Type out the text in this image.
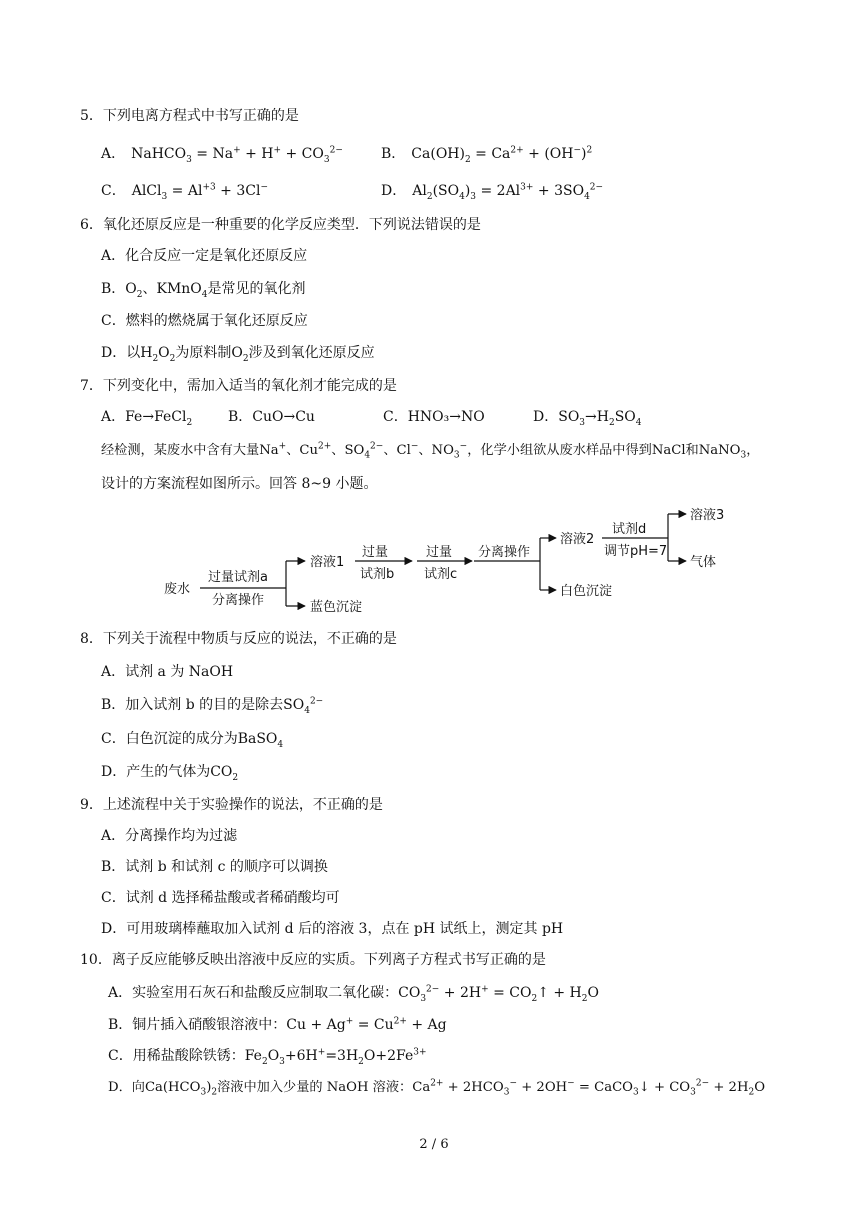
5．下列电离方程式中书写正确的是
A． NaHCO$_3$ = $Na^+ + H^+ + CO_3^{2-}$	B． $Ca(OH)_2 = Ca^{2+} + (OH^-)^2$
C． AlCl$_3$ = $Al^{+3} + 3Cl^-$	D． $Al_2(SO_4)_3 = 2Al^{3+} + 3SO_4^{2-}$
6．氧化还原反应是一种重要的化学反应类型．下列说法错误的是
A．化合反应一定是氧化还原反应
B．$O_2$、KMnO$_4$是常见的氧化剂
C．燃料的燃烧属于氧化还原反应
D．以$H_2O_2$为原料制$O_2$涉及到氧化还原反应
7．下列变化中，需加入适当的氧化剂才能完成的是
A．Fe→FeCl$_2$	B．CuO→Cu	C．HNO₃→NO	D．$SO_3\to H_2SO_4$
经检测，某废水中含有大量Na+、$Cu^{2+}$、$SO_4^{2-}$、Cl−、$NO_3^-$，化学小组欲从废水样品中得到NaCl和NaNO$_3$，
设计的方案流程如图所示。回答 8~9 小题。
废水
过量试剂a
分离操作
溶液1
蓝色沉淀
过量
试剂b
过量
试剂c
分离操作
溶液2
白色沉淀
试剂d
调节pH=7
溶液3
气体
8．下列关于流程中物质与反应的说法，不正确的是
A．试剂 a 为 NaOH
B．加入试剂 b 的目的是除去$SO_4^{2-}$
C．白色沉淀的成分为BaSO$_4$
D．产生的气体为$CO_2$
9．上述流程中关于实验操作的说法，不正确的是
A．分离操作均为过滤
B．试剂 b 和试剂 c 的顺序可以调换
C．试剂 d 选择稀盐酸或者稀硝酸均可
D．可用玻璃棒蘸取加入试剂 d 后的溶液 3，点在 pH 试纸上，测定其 pH
10．离子反应能够反映出溶液中反应的实质。下列离子方程式书写正确的是
A．实验室用石灰石和盐酸反应制取二氧化碳：$CO_3^{2-} + 2H^+$ = $CO_2↑ + H_2O$
B．铜片插入硝酸银溶液中：$Cu + Ag^+ = Cu^{2+} + Ag$
C．用稀盐酸除铁锈：$Fe_2O_3+6H^+=3H_2O+2Fe^{3+}$
D．向$Ca(HCO_3)_2$溶液中加入少量的 NaOH 溶液：$Ca^{2+} + 2HCO_3^- + 2OH^-$ = CaCO$_3$↓ + $CO_3^{2-} + 2H_2O$
2 / 6
